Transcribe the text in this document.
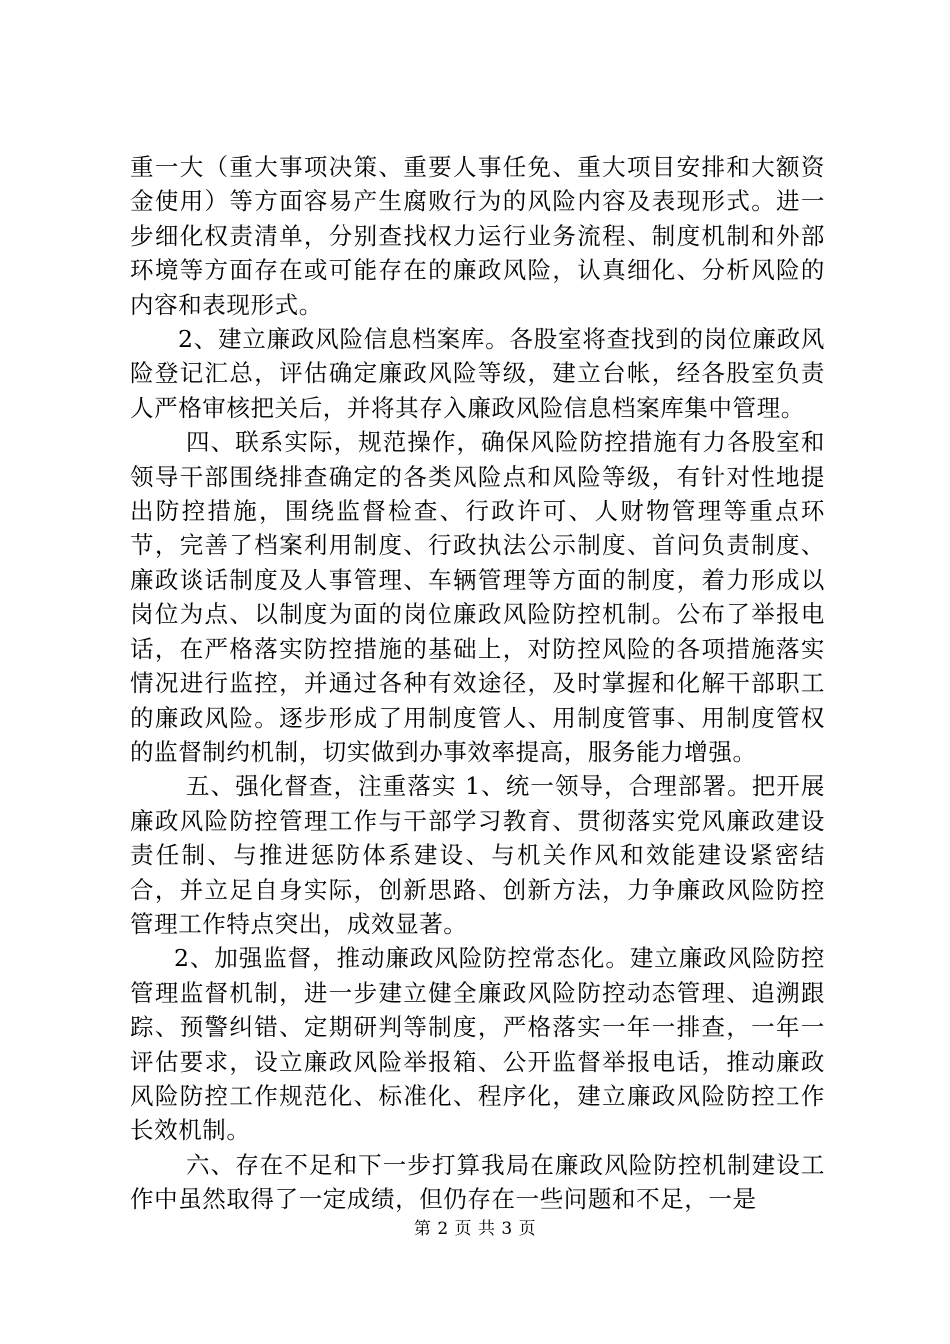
重一大（重大事项决策、重要人事任免、重大项目安排和大额资金使用）等方面容易产生腐败行为的风险内容及表现形式。进一步细化权责清单，分别查找权力运行业务流程、制度机制和外部环境等方面存在或可能存在的廉政风险，认真细化、分析风险的内容和表现形式。

2、建立廉政风险信息档案库。各股室将查找到的岗位廉政风险登记汇总，评估确定廉政风险等级，建立台帐，经各股室负责人严格审核把关后，并将其存入廉政风险信息档案库集中管理。

四、联系实际，规范操作，确保风险防控措施有力各股室和领导干部围绕排查确定的各类风险点和风险等级，有针对性地提出防控措施，围绕监督检查、行政许可、人财物管理等重点环节，完善了档案利用制度、行政执法公示制度、首问负责制度、廉政谈话制度及人事管理、车辆管理等方面的制度，着力形成以岗位为点、以制度为面的岗位廉政风险防控机制。公布了举报电话，在严格落实防控措施的基础上，对防控风险的各项措施落实情况进行监控，并通过各种有效途径，及时掌握和化解干部职工的廉政风险。逐步形成了用制度管人、用制度管事、用制度管权的监督制约机制，切实做到办事效率提高，服务能力增强。

五、强化督查，注重落实 1、统一领导，合理部署。把开展廉政风险防控管理工作与干部学习教育、贯彻落实党风廉政建设责任制、与推进惩防体系建设、与机关作风和效能建设紧密结合，并立足自身实际，创新思路、创新方法，力争廉政风险防控管理工作特点突出，成效显著。

2、加强监督，推动廉政风险防控常态化。建立廉政风险防控管理监督机制，进一步建立健全廉政风险防控动态管理、追溯跟踪、预警纠错、定期研判等制度，严格落实一年一排查，一年一评估要求，设立廉政风险举报箱、公开监督举报电话，推动廉政风险防控工作规范化、标准化、程序化，建立廉政风险防控工作长效机制。

六、存在不足和下一步打算我局在廉政风险防控机制建设工作中虽然取得了一定成绩，但仍存在一些问题和不足，一是

第 2 页 共 3 页
